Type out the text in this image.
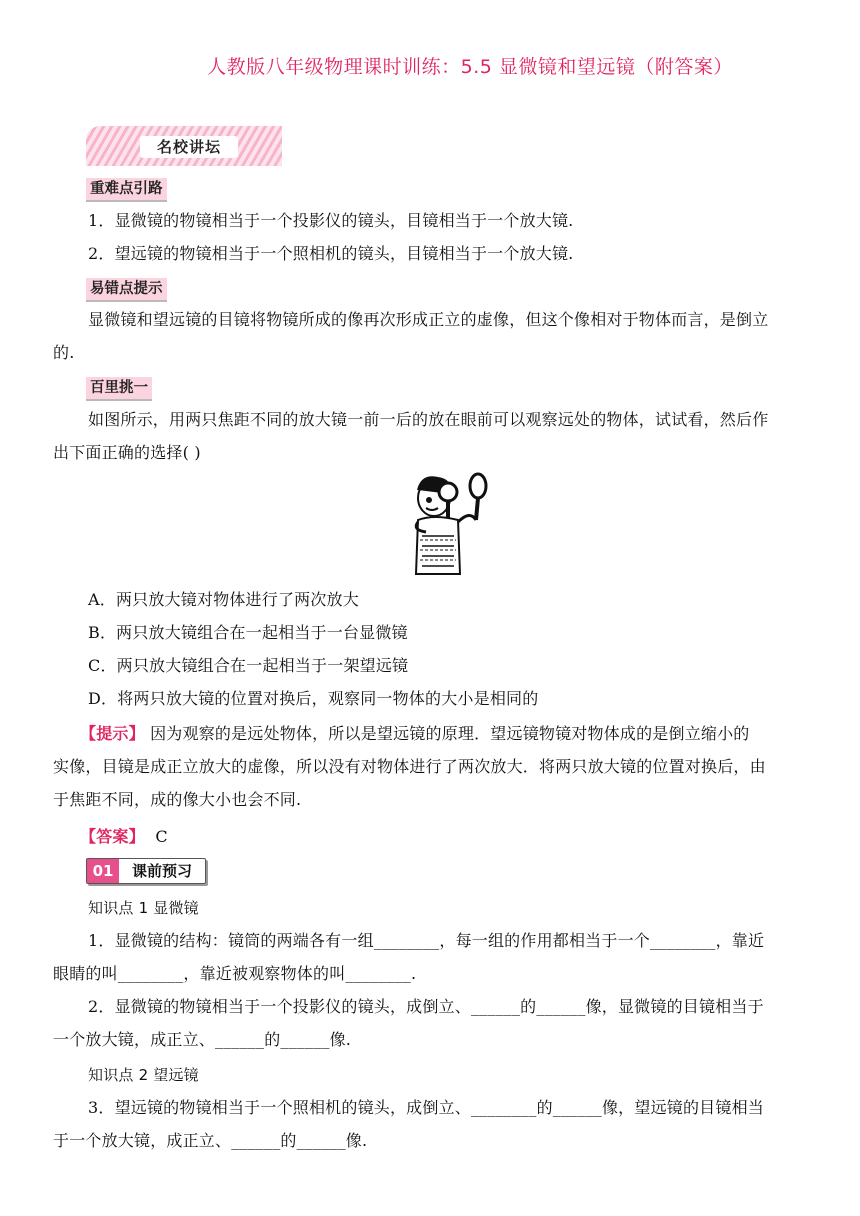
人教版八年级物理课时训练：5.5 显微镜和望远镜（附答案）
名校讲坛
重难点引路
1．显微镜的物镜相当于一个投影仪的镜头，目镜相当于一个放大镜.
2．望远镜的物镜相当于一个照相机的镜头，目镜相当于一个放大镜.
易错点提示
显微镜和望远镜的目镜将物镜所成的像再次形成正立的虚像，但这个像相对于物体而言，是倒立
的.
百里挑一
如图所示，用两只焦距不同的放大镜一前一后的放在眼前可以观察远处的物体，试试看，然后作
出下面正确的选择( )
A．两只放大镜对物体进行了两次放大
B．两只放大镜组合在一起相当于一台显微镜
C．两只放大镜组合在一起相当于一架望远镜
D．将两只放大镜的位置对换后，观察同一物体的大小是相同的
【提示】 因为观察的是远处物体，所以是望远镜的原理．望远镜物镜对物体成的是倒立缩小的
实像，目镜是成正立放大的虚像，所以没有对物体进行了两次放大．将两只放大镜的位置对换后，由
于焦距不同，成的像大小也会不同.
【答案】 C
01	课前预习
知识点 1 显微镜
1．显微镜的结构：镜筒的两端各有一组________，每一组的作用都相当于一个________，靠近
眼睛的叫________，靠近被观察物体的叫________.
2．显微镜的物镜相当于一个投影仪的镜头，成倒立、______的______像，显微镜的目镜相当于
一个放大镜，成正立、______的______像.
知识点 2 望远镜
3．望远镜的物镜相当于一个照相机的镜头，成倒立、________的______像，望远镜的目镜相当
于一个放大镜，成正立、______的______像.
